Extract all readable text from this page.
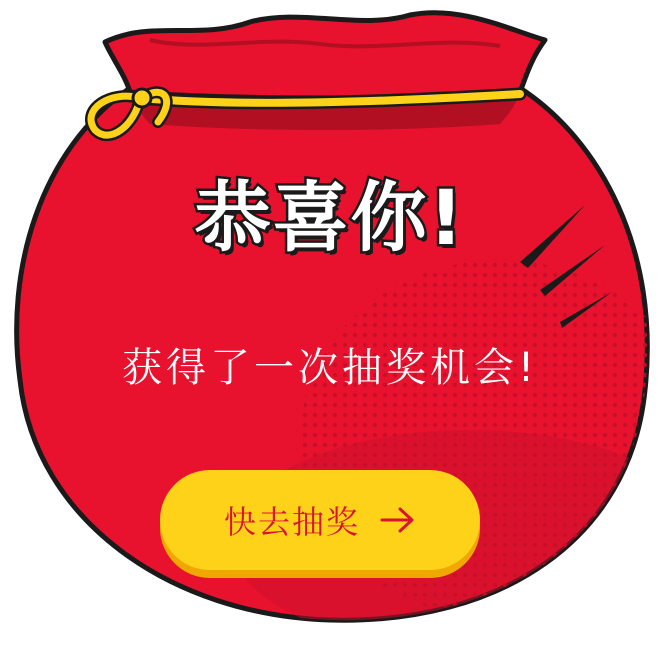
恭喜你!
获得了一次抽奖机会!
快去抽奖
